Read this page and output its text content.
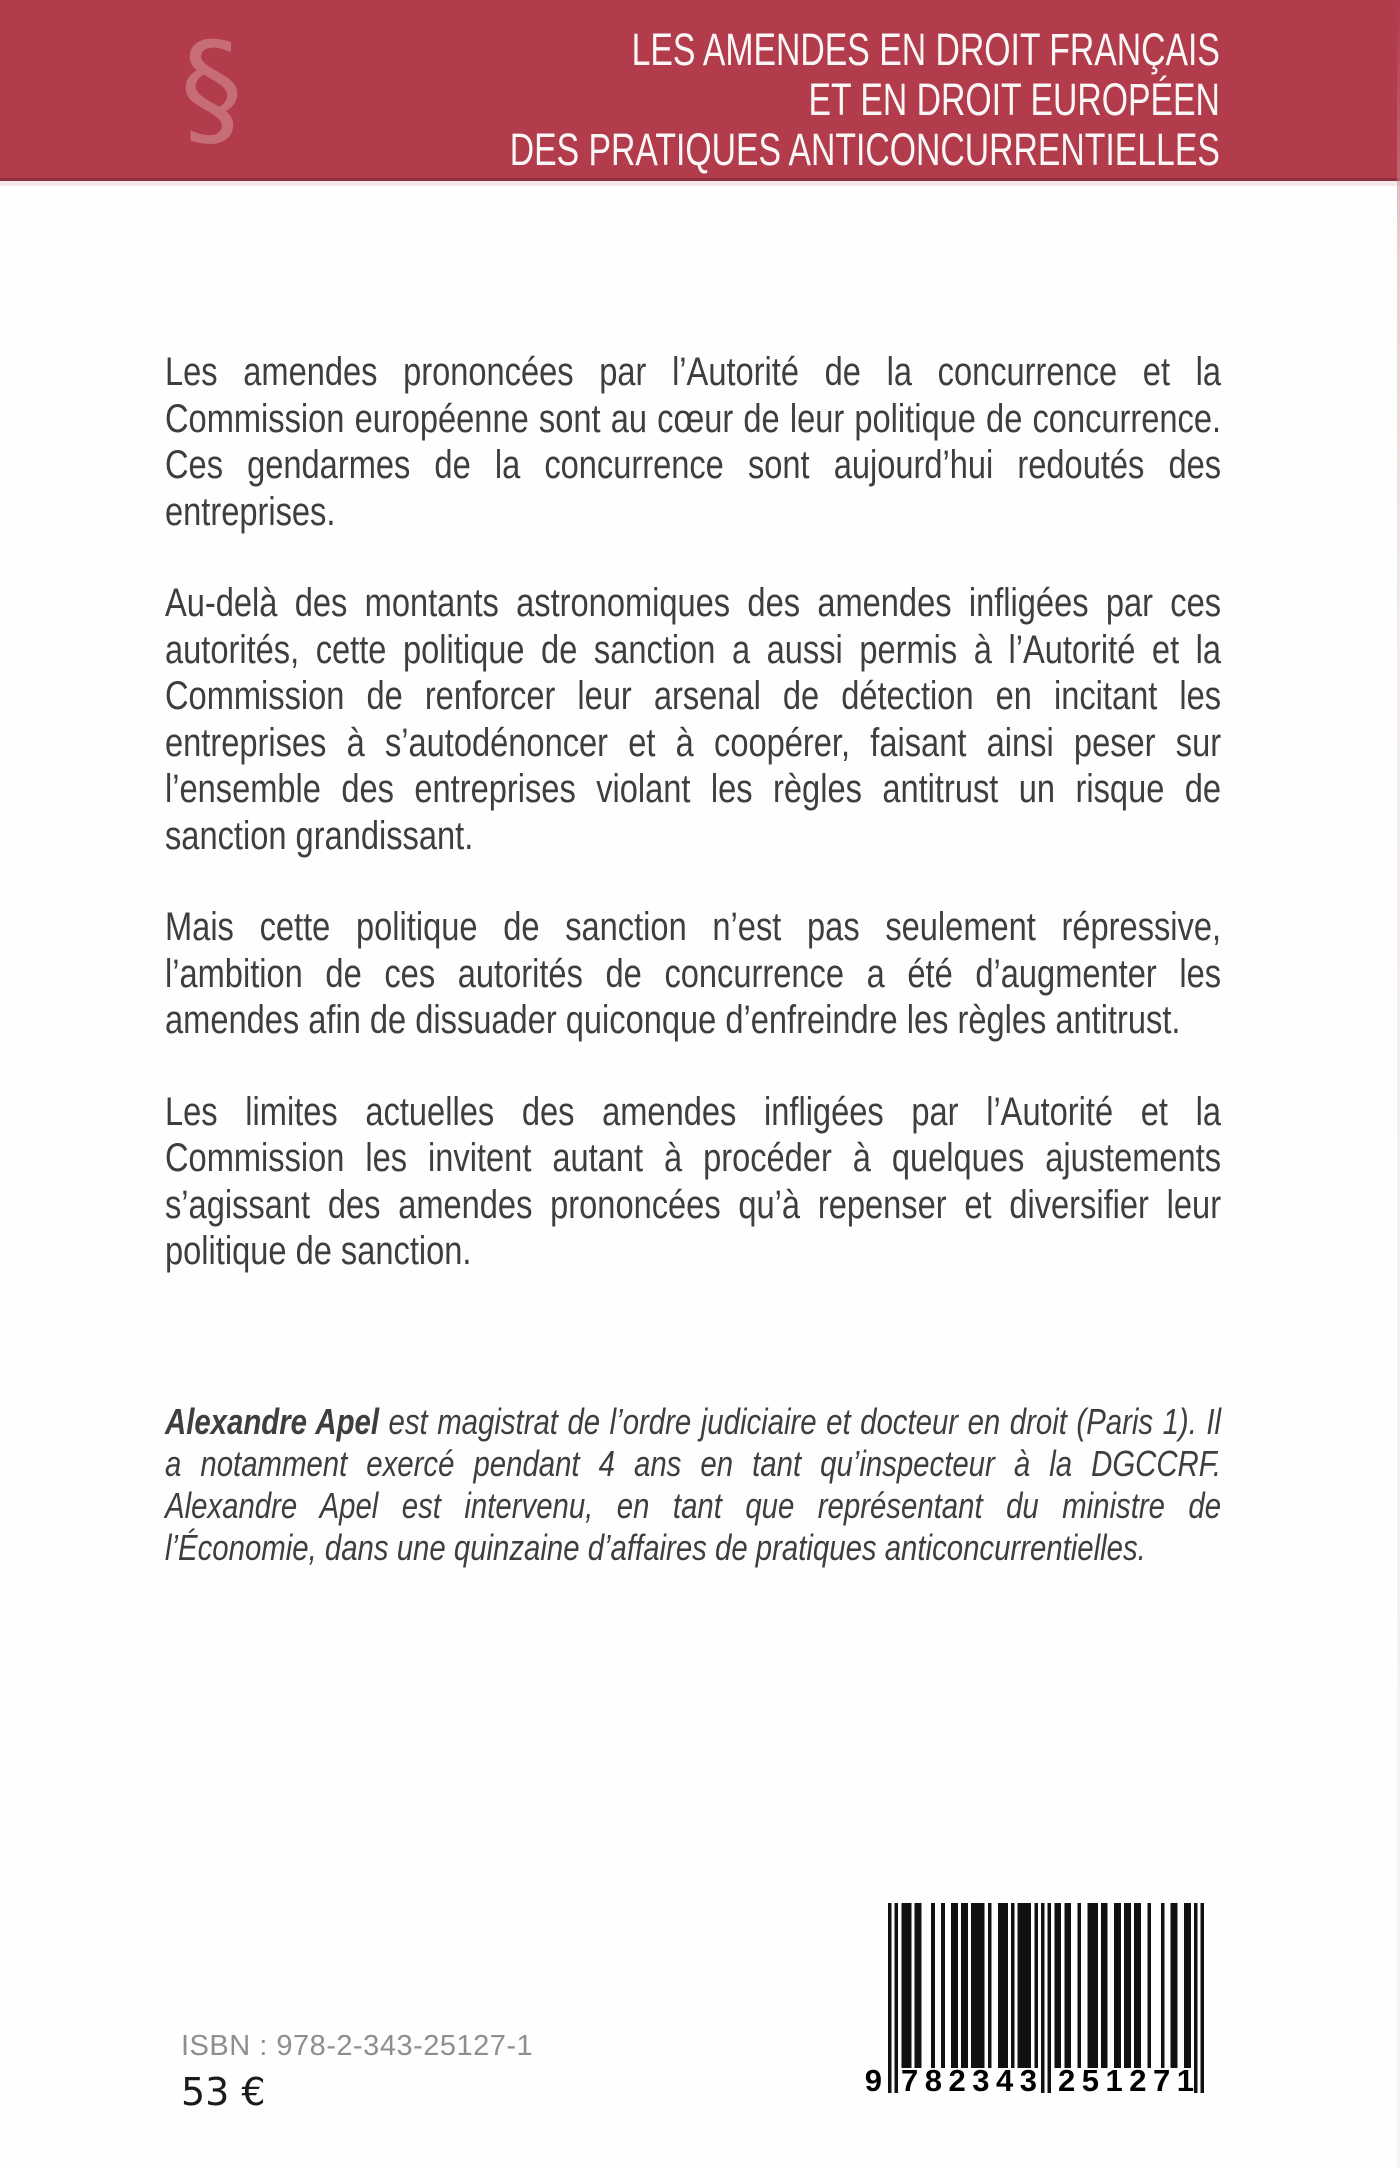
§	LES AMENDES EN DROIT FRANÇAIS
ET EN DROIT EUROPÉEN
DES PRATIQUES ANTICONCURRENTIELLES

Les amendes prononcées par l’Autorité de la concurrence et la Commission européenne sont au cœur de leur politique de concurrence. Ces gendarmes de la concurrence sont aujourd’hui redoutés des entreprises.

Au-delà des montants astronomiques des amendes infligées par ces autorités, cette politique de sanction a aussi permis à l’Autorité et la Commission de renforcer leur arsenal de détection en incitant les entreprises à s’autodénoncer et à coopérer, faisant ainsi peser sur l’ensemble des entreprises violant les règles antitrust un risque de sanction grandissant.

Mais cette politique de sanction n’est pas seulement répressive, l’ambition de ces autorités de concurrence a été d’augmenter les amendes afin de dissuader quiconque d’enfreindre les règles antitrust.

Les limites actuelles des amendes infligées par l’Autorité et la Commission les invitent autant à procéder à quelques ajustements s’agissant des amendes prononcées qu’à repenser et diversifier leur politique de sanction.

Alexandre Apel est magistrat de l’ordre judiciaire et docteur en droit (Paris 1). Il a notamment exercé pendant 4 ans en tant qu’inspecteur à la DGCCRF. Alexandre Apel est intervenu, en tant que représentant du ministre de l’Économie, dans une quinzaine d’affaires de pratiques anticoncurrentielles.
ISBN : 978-2-343-25127-1
53 €	9 782343 251271
